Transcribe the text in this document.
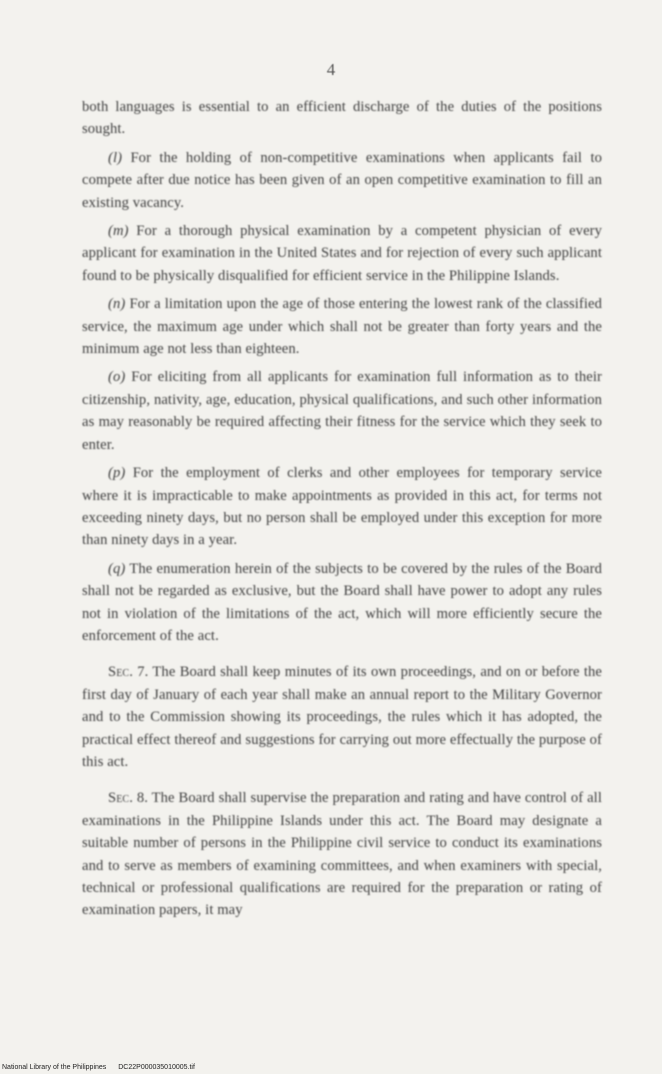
4

both languages is essential to an efficient discharge of the duties of the positions sought.

(l) For the holding of non-competitive examinations when applicants fail to compete after due notice has been given of an open competitive examination to fill an existing vacancy.

(m) For a thorough physical examination by a competent physician of every applicant for examination in the United States and for rejection of every such applicant found to be physically disqualified for efficient service in the Philippine Islands.

(n) For a limitation upon the age of those entering the lowest rank of the classified service, the maximum age under which shall not be greater than forty years and the minimum age not less than eighteen.

(o) For eliciting from all applicants for examination full information as to their citizenship, nativity, age, education, physical qualifications, and such other information as may reasonably be required affecting their fitness for the service which they seek to enter.

(p) For the employment of clerks and other employees for temporary service where it is impracticable to make appointments as provided in this act, for terms not exceeding ninety days, but no person shall be employed under this exception for more than ninety days in a year.

(q) The enumeration herein of the subjects to be covered by the rules of the Board shall not be regarded as exclusive, but the Board shall have power to adopt any rules not in violation of the limitations of the act, which will more efficiently secure the enforcement of the act.

Sec. 7. The Board shall keep minutes of its own proceedings, and on or before the first day of January of each year shall make an annual report to the Military Governor and to the Commission showing its proceedings, the rules which it has adopted, the practical effect thereof and suggestions for carrying out more effectually the purpose of this act.

Sec. 8. The Board shall supervise the preparation and rating and have control of all examinations in the Philippine Islands under this act. The Board may designate a suitable number of persons in the Philippine civil service to conduct its examinations and to serve as members of examining committees, and when examiners with special, technical or professional qualifications are required for the preparation or rating of examination papers, it may

National Library of the Philippines DC22P000035010005.tif
